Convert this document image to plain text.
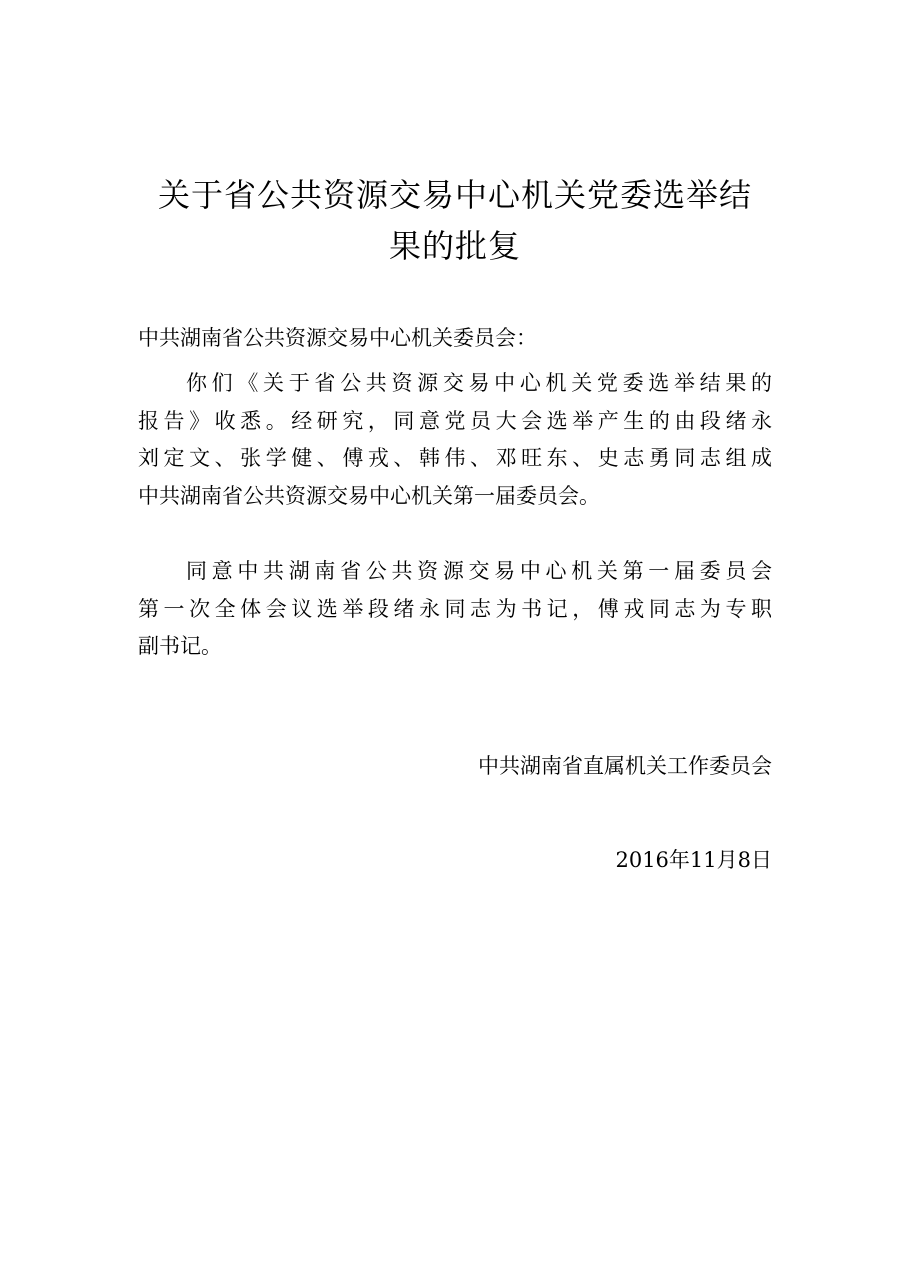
关于省公共资源交易中心机关党委选举结
果的批复

中共湖南省公共资源交易中心机关委员会：

你们《关于省公共资源交易中心机关党委选举结果的
报告》收悉。经研究，同意党员大会选举产生的由段绪永
刘定文、张学健、傅戎、韩伟、邓旺东、史志勇同志组成
中共湖南省公共资源交易中心机关第一届委员会。
同意中共湖南省公共资源交易中心机关第一届委员会
第一次全体会议选举段绪永同志为书记，傅戎同志为专职
副书记。

中共湖南省直属机关工作委员会

2016年11月8日
